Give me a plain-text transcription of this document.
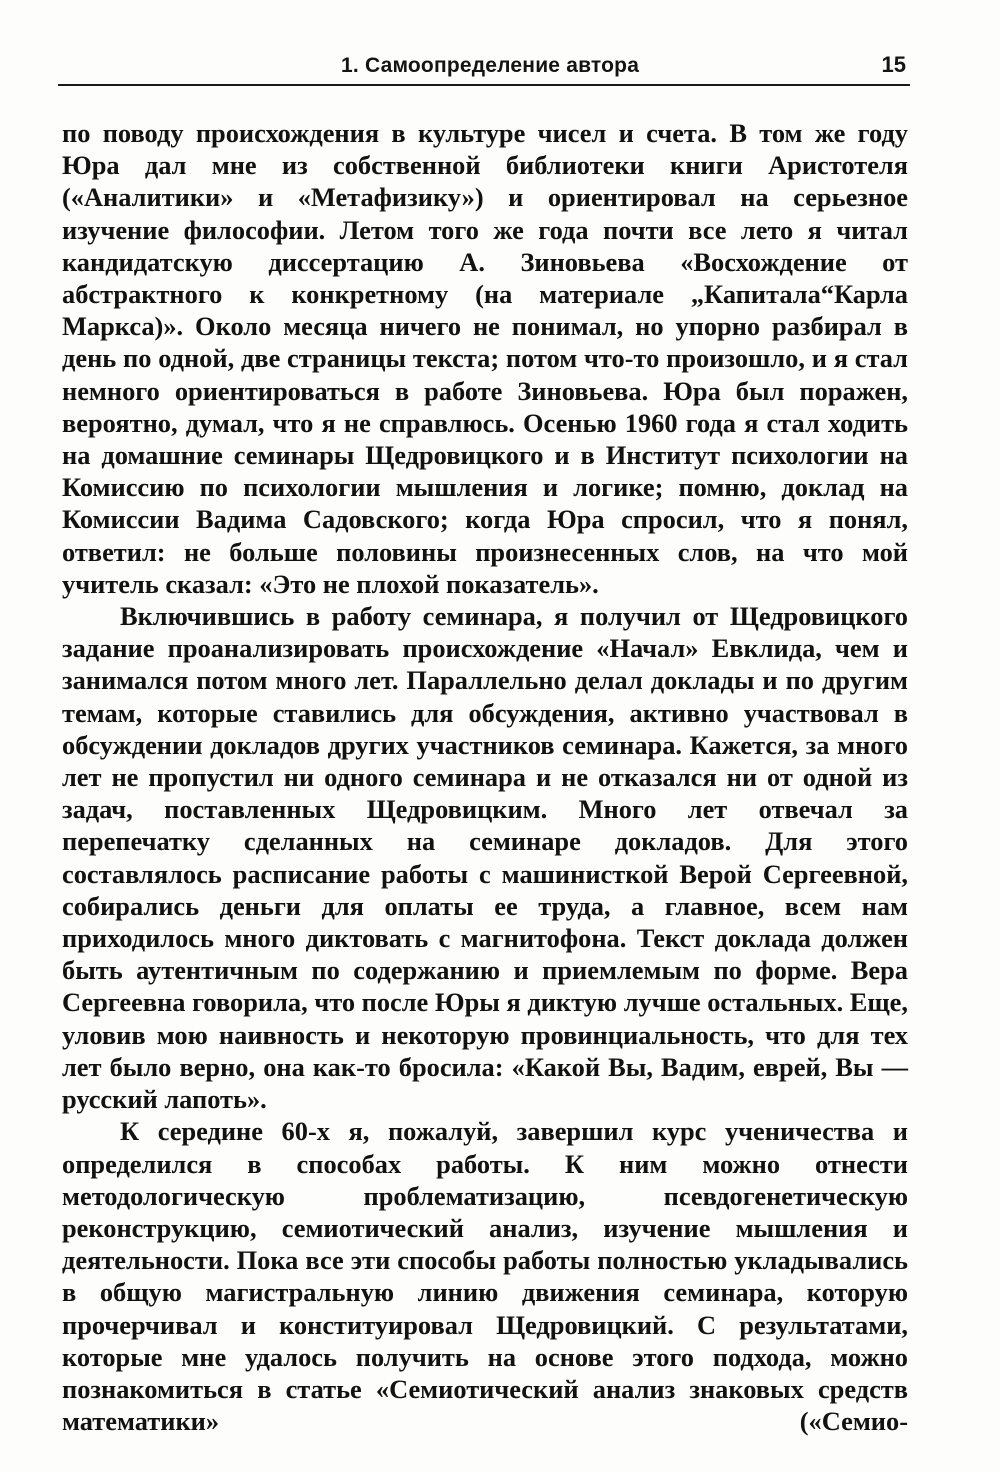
1. Самоопределение автора	15

по поводу происхождения в культуре чисел и счета. В том же году Юра дал мне из собственной библиотеки книги Аристотеля («Аналитики» и «Метафизику») и ориентировал на серьезное изучение философии. Летом того же года почти все лето я читал кандидатскую диссертацию А. Зиновьева «Восхождение от абстрактного к конкретному (на материале „Капитала“Карла Маркса)». Около месяца ничего не понимал, но упорно разбирал в день по одной, две страницы текста; потом что-то произошло, и я стал немного ориентироваться в работе Зиновьева. Юра был поражен, вероятно, думал, что я не справлюсь. Осенью 1960 года я стал ходить на домашние семинары Щедровицкого и в Институт психологии на Комиссию по психологии мышления и логике; помню, доклад на Комиссии Вадима Садовского; когда Юра спросил, что я понял, ответил: не больше половины произнесенных слов, на что мой учитель сказал: «Это не плохой показатель».

Включившись в работу семинара, я получил от Щедровицкого задание проанализировать происхождение «Начал» Евклида, чем и занимался потом много лет. Параллельно делал доклады и по другим темам, которые ставились для обсуждения, активно участвовал в обсуждении докладов других участников семинара. Кажется, за много лет не пропустил ни одного семинара и не отказался ни от одной из задач, поставленных Щедровицким. Много лет отвечал за перепечатку сделанных на семинаре докладов. Для этого составлялось расписание работы с машинисткой Верой Сергеевной, собирались деньги для оплаты ее труда, а главное, всем нам приходилось много диктовать с магнитофона. Текст доклада должен быть аутентичным по содержанию и приемлемым по форме. Вера Сергеевна говорила, что после Юры я диктую лучше остальных. Еще, уловив мою наивность и некоторую провинциальность, что для тех лет было верно, она как-то бросила: «Какой Вы, Вадим, еврей, Вы — русский лапоть».

К середине 60-х я, пожалуй, завершил курс ученичества и определился в способах работы. К ним можно отнести методологическую проблематизацию, псевдогенетическую реконструкцию, семиотический анализ, изучение мышления и деятельности. Пока все эти способы работы полностью укладывались в общую магистральную линию движения семинара, которую прочерчивал и конституировал Щедровицкий. С результатами, которые мне удалось получить на основе этого подхода, можно познакомиться в статье «Семиотический анализ знаковых средств математики» («Семио-
